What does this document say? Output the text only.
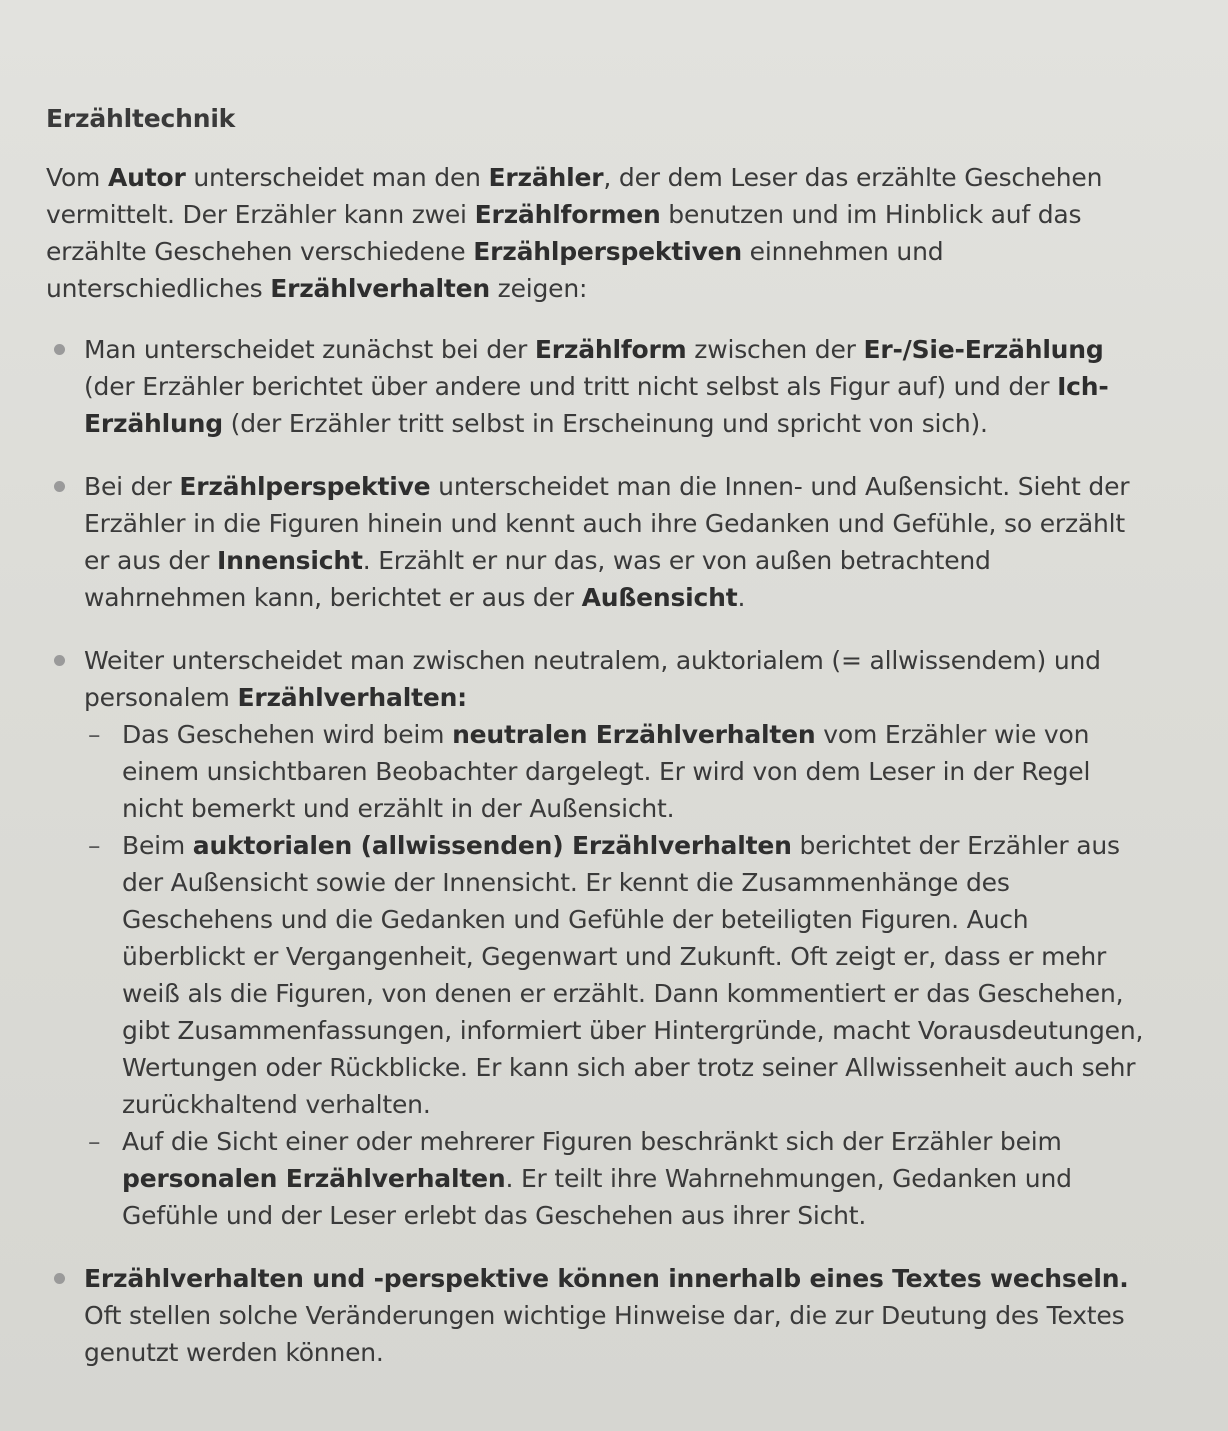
Erzähltechnik

Vom Autor unterscheidet man den Erzähler, der dem Leser das erzählte Geschehen vermittelt. Der Erzähler kann zwei Erzählformen benutzen und im Hinblick auf das erzählte Geschehen verschiedene Erzählperspektiven einnehmen und unterschiedliches Erzählverhalten zeigen:

Man unterscheidet zunächst bei der Erzählform zwischen der Er-/Sie-Erzählung (der Erzähler berichtet über andere und tritt nicht selbst als Figur auf) und der Ich-Erzählung (der Erzähler tritt selbst in Erscheinung und spricht von sich).
Bei der Erzählperspektive unterscheidet man die Innen- und Außensicht. Sieht der Erzähler in die Figuren hinein und kennt auch ihre Gedanken und Gefühle, so erzählt er aus der Innensicht. Erzählt er nur das, was er von außen betrachtend wahrnehmen kann, berichtet er aus der Außensicht.
Weiter unterscheidet man zwischen neutralem, auktorialem (= allwissendem) und personalem Erzählverhalten:
– Das Geschehen wird beim neutralen Erzählverhalten vom Erzähler wie von einem unsichtbaren Beobachter dargelegt. Er wird von dem Leser in der Regel nicht bemerkt und erzählt in der Außensicht.
– Beim auktorialen (allwissenden) Erzählverhalten berichtet der Erzähler aus der Außensicht sowie der Innensicht. Er kennt die Zusammenhänge des Geschehens und die Gedanken und Gefühle der beteiligten Figuren. Auch überblickt er Vergangenheit, Gegenwart und Zukunft. Oft zeigt er, dass er mehr weiß als die Figuren, von denen er erzählt. Dann kommentiert er das Geschehen, gibt Zusammenfassungen, informiert über Hintergründe, macht Vorausdeutungen, Wertungen oder Rückblicke. Er kann sich aber trotz seiner Allwissenheit auch sehr zurückhaltend verhalten.
– Auf die Sicht einer oder mehrerer Figuren beschränkt sich der Erzähler beim personalen Erzählverhalten. Er teilt ihre Wahrnehmungen, Gedanken und Gefühle und der Leser erlebt das Geschehen aus ihrer Sicht.
Erzählverhalten und -perspektive können innerhalb eines Textes wechseln. Oft stellen solche Veränderungen wichtige Hinweise dar, die zur Deutung des Textes genutzt werden können.
